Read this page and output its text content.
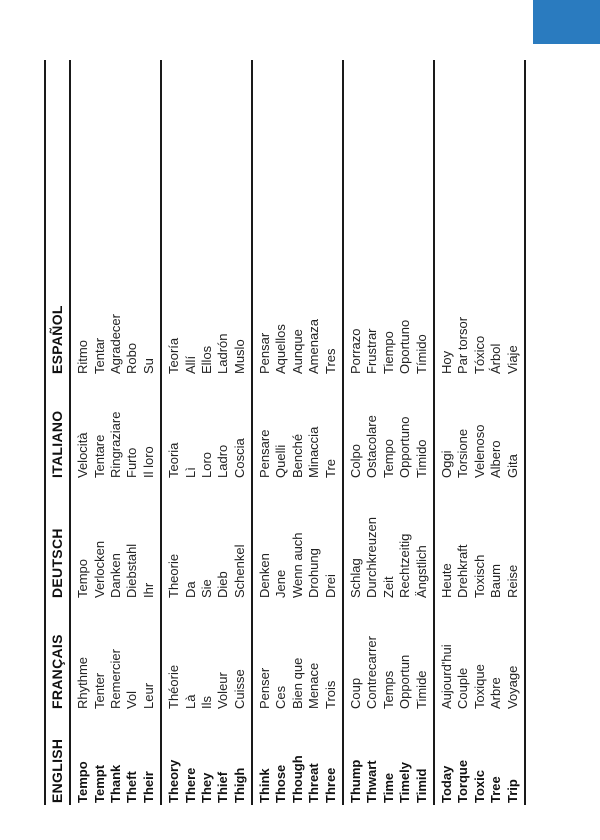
ENGLISH	FRANÇAIS	DEUTSCH	ITALIANO	ESPAÑOL
Tempo	Rhythme	Tempo	Velocità	Ritmo
Tempt	Tenter	Verlocken	Tentare	Tentar
Thank	Remercier	Danken	Ringraziare	Agradecer
Theft	Vol	Diebstahl	Furto	Robo
Their	Leur	Ihr	Il loro	Su
Theory	Théorie	Theorie	Teoria	Teoría
There	Là	Da	Lì	Allí
They	Ils	Sie	Loro	Ellos
Thief	Voleur	Dieb	Ladro	Ladrón
Thigh	Cuisse	Schenkel	Coscia	Muslo
Think	Penser	Denken	Pensare	Pensar
Those	Ces	Jene	Quelli	Aquellos
Though	Bien que	Wenn auch	Benché	Aunque
Threat	Menace	Drohung	Minaccia	Amenaza
Three	Trois	Drei	Tre	Tres
Thump	Coup	Schlag	Colpo	Porrazo
Thwart	Contrecarrer	Durchkreuzen	Ostacolare	Frustrar
Time	Temps	Zeit	Tempo	Tiempo
Timely	Opportun	Rechtzeitig	Opportuno	Oportuno
Timid	Timide	Ängstlich	Timido	Tímido
Today	Aujourd'hui	Heute	Oggi	Hoy
Torque	Couple	Drehkraft	Torsione	Par torsor
Toxic	Toxique	Toxisch	Velenoso	Tóxico
Tree	Arbre	Baum	Albero	Árbol
Trip	Voyage	Reise	Gita	Viaje
